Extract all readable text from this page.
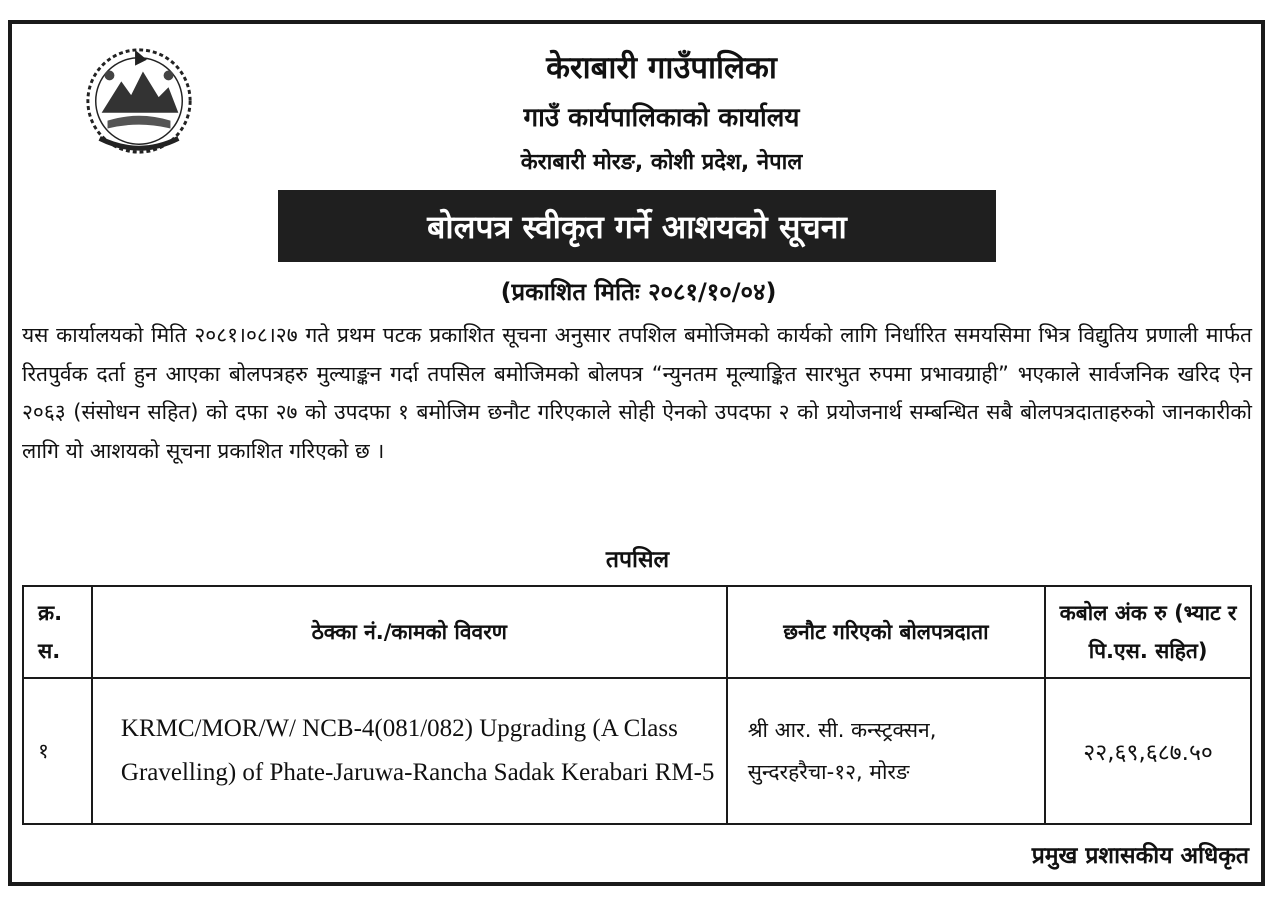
केराबारी गाउँपालिका
गाउँ कार्यपालिकाको कार्यालय
केराबारी मोरङ, कोशी प्रदेश, नेपाल
बोलपत्र स्वीकृत गर्ने आशयको सूचना
(प्रकाशित मितिः २०८१/१०/०४)
यस कार्यालयको मिति २०८१।०८।२७ गते प्रथम पटक प्रकाशित सूचना अनुसार तपशिल बमोजिमको कार्यको लागि निर्धारित समयसिमा भित्र विद्युतिय प्रणाली मार्फत रितपुर्वक दर्ता हुन आएका बोलपत्रहरु मुल्याङ्कन गर्दा तपसिल बमोजिमको बोलपत्र “न्युनतम मूल्याङ्कित सारभुत रुपमा प्रभावग्राही” भएकाले सार्वजनिक खरिद ऐन २०६३ (संसोधन सहित) को दफा २७ को उपदफा १ बमोजिम छनौट गरिएकाले सोही ऐनको उपदफा २ को प्रयोजनार्थ सम्बन्धित सबै बोलपत्रदाताहरुको जानकारीको लागि यो आशयको सूचना प्रकाशित गरिएको छ ।
तपसिल
क्र. स.	ठेक्का नं./कामको विवरण	छनौट गरिएको बोलपत्रदाता	कबोल अंक रु (भ्याट र पि.एस. सहित)
१	KRMC/MOR/W/ NCB-4(081/082) Upgrading (A Class Gravelling) of Phate-Jaruwa-Rancha Sadak Kerabari RM-5	श्री आर. सी. कन्स्ट्रक्सन, सुन्दरहरैचा-१२, मोरङ	२२,६९,६८७.५०
प्रमुख प्रशासकीय अधिकृत
